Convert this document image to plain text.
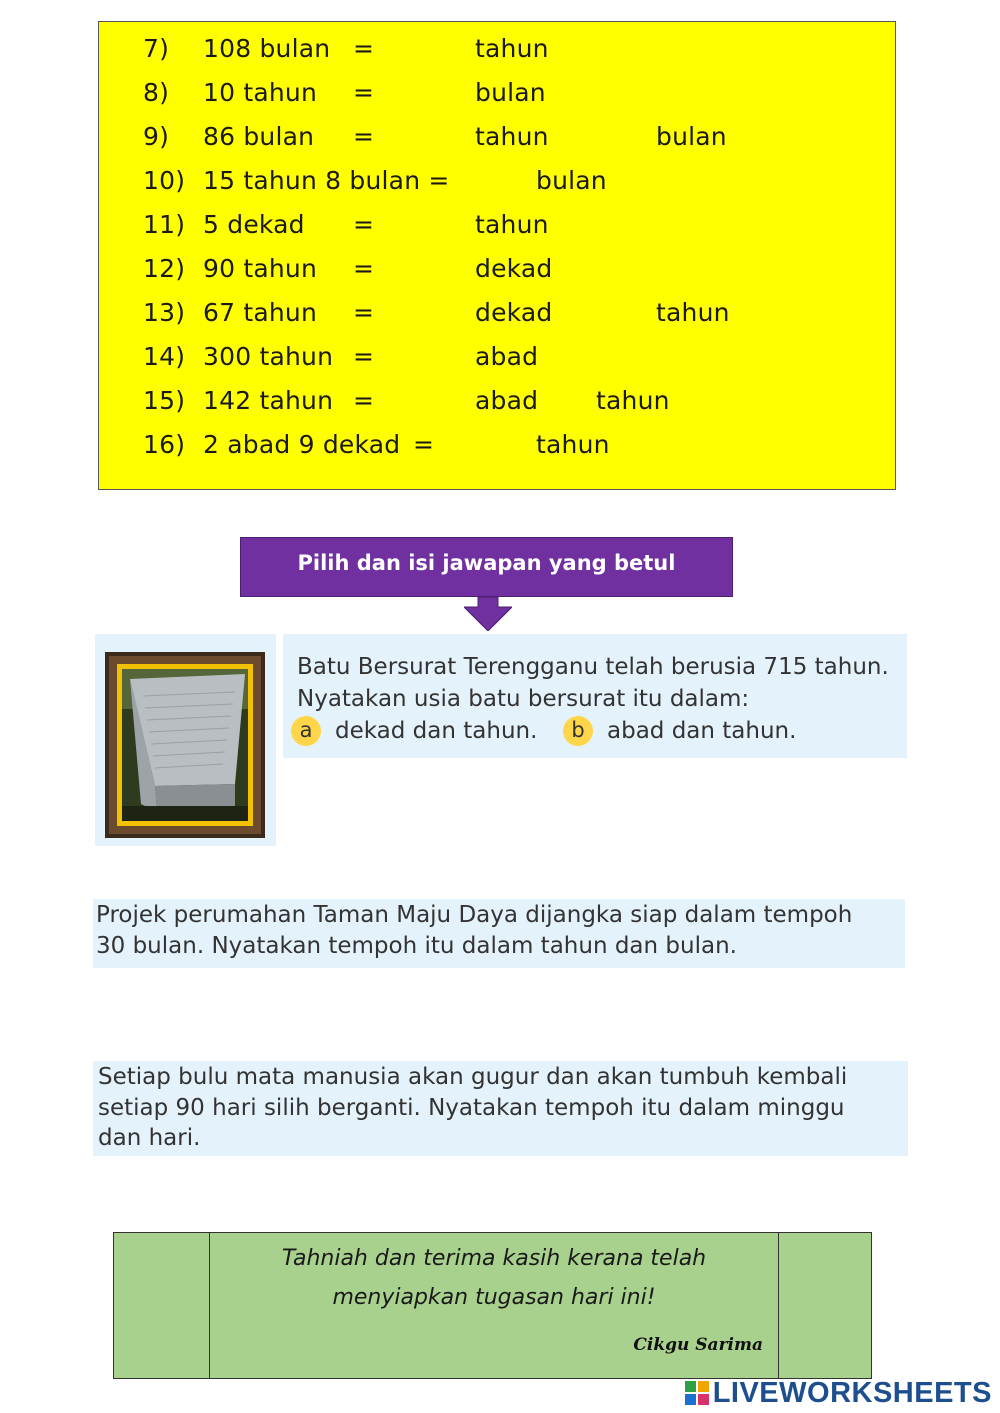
7) 108 bulan =	tahun
8) 10 tahun =	bulan
9) 86 bulan =	tahun	bulan
10) 15 tahun 8 bulan =	bulan
11) 5 dekad =	tahun
12) 90 tahun =	dekad
13) 67 tahun =	dekad	tahun
14) 300 tahun =	abad
15) 142 tahun =	abad tahun
16) 2 abad 9 dekad =	tahun
Pilih dan isi jawapan yang betul
Batu Bersurat Terengganu telah berusia 715 tahun.
Nyatakan usia batu bersurat itu dalam:
a dekad dan tahun.	b abad dan tahun.
Projek perumahan Taman Maju Daya dijangka siap dalam tempoh
30 bulan. Nyatakan tempoh itu dalam tahun dan bulan.
Setiap bulu mata manusia akan gugur dan akan tumbuh kembali
setiap 90 hari silih berganti. Nyatakan tempoh itu dalam minggu
dan hari.
Tahniah dan terima kasih kerana telah
menyiapkan tugasan hari ini!
Cikgu Sarima
LIVEWORKSHEETS
